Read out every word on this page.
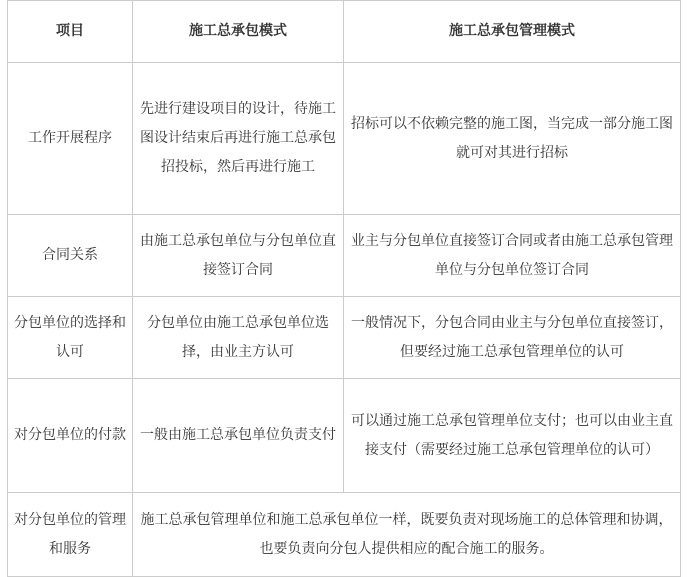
项目	施工总承包模式	施工总承包管理模式
工作开展程序	先进行建设项目的设计，待施工图设计结束后再进行施工总承包招投标，然后再进行施工	招标可以不依赖完整的施工图，当完成一部分施工图就可对其进行招标
合同关系	由施工总承包单位与分包单位直接签订合同	业主与分包单位直接签订合同或者由施工总承包管理单位与分包单位签订合同
分包单位的选择和认可	分包单位由施工总承包单位选择，由业主方认可	一般情况下，分包合同由业主与分包单位直接签订，但要经过施工总承包管理单位的认可
对分包单位的付款	一般由施工总承包单位负责支付	可以通过施工总承包管理单位支付；也可以由业主直接支付（需要经过施工总承包管理单位的认可）
对分包单位的管理和服务	施工总承包管理单位和施工总承包单位一样，既要负责对现场施工的总体管理和协调，也要负责向分包人提供相应的配合施工的服务。	
